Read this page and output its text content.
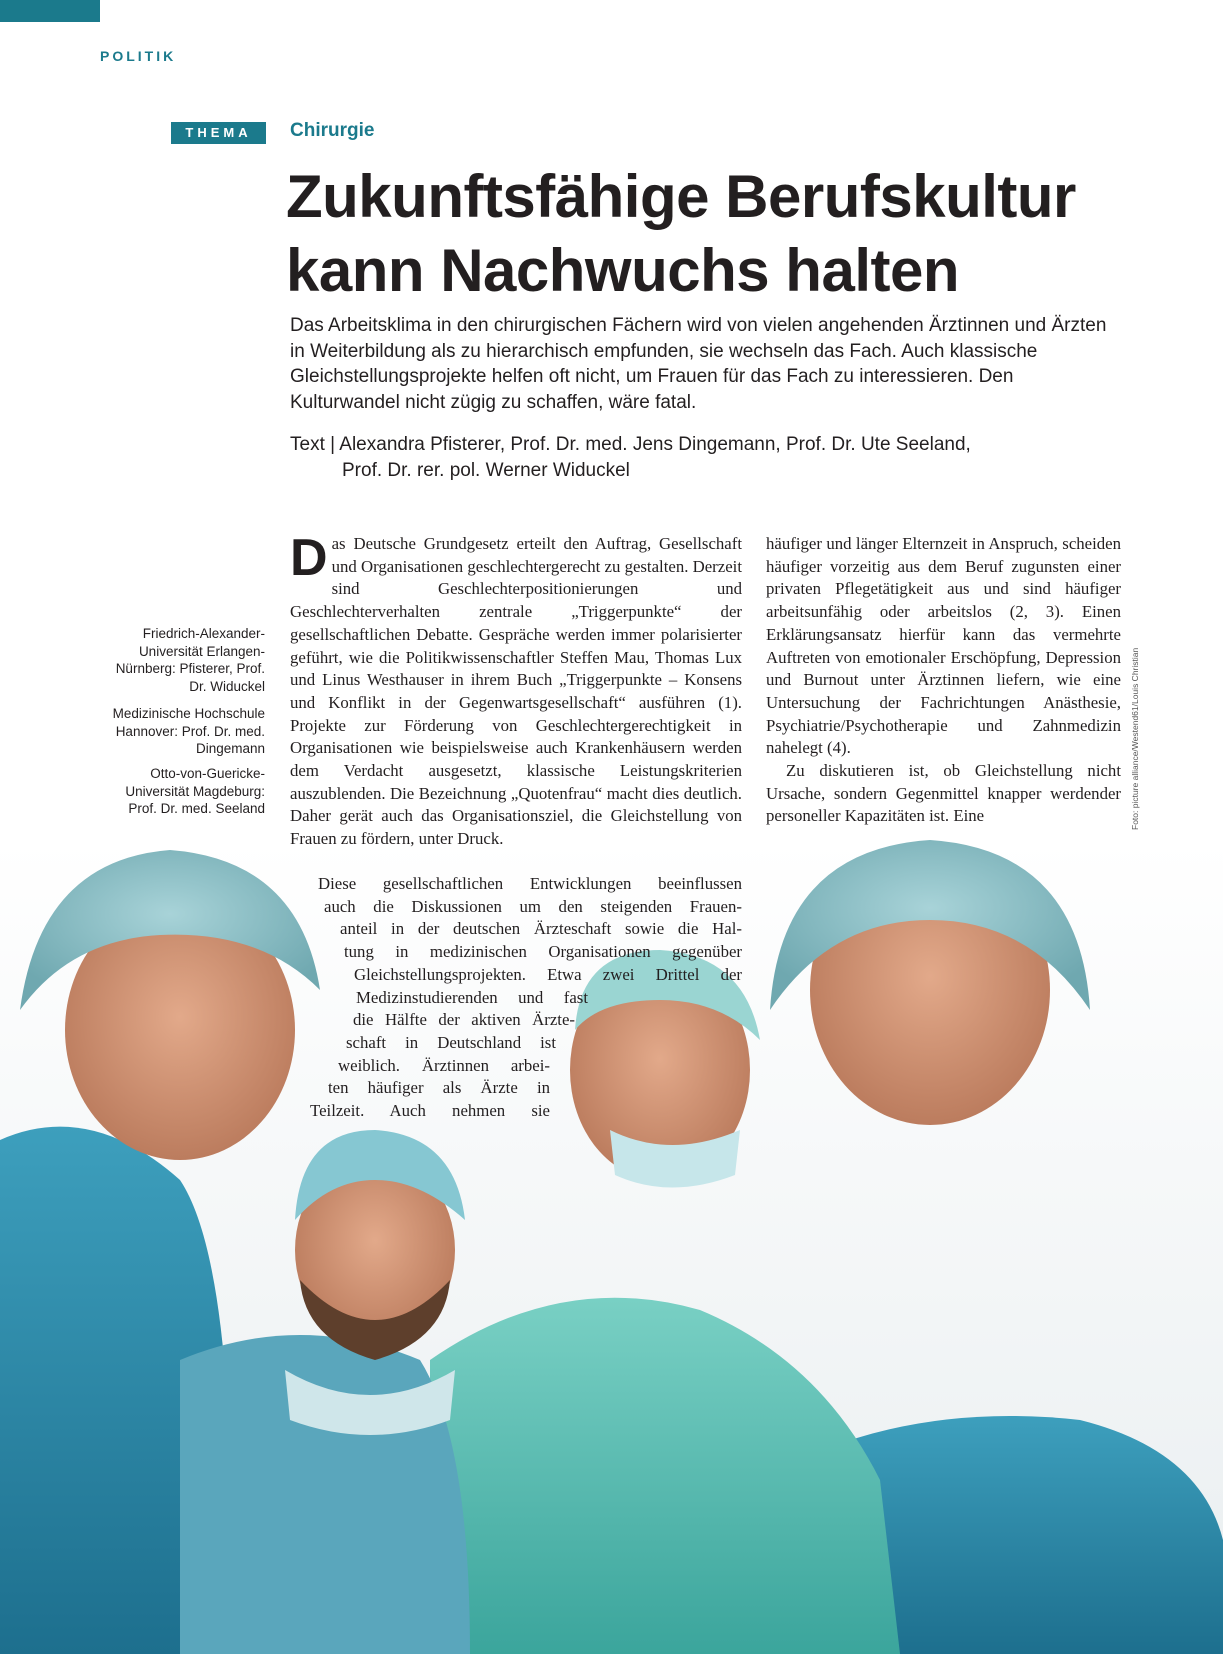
POLITIK
THEMA	Chirurgie
Zukunftsfähige Berufskultur
kann Nachwuchs halten

Das Arbeitsklima in den chirurgischen Fächern wird von vielen angehenden Ärztinnen und Ärzten in Weiterbildung als zu hierarchisch empfunden, sie wechseln das Fach. Auch klassische Gleichstellungsprojekte helfen oft nicht, um Frauen für das Fach zu interessieren. Den Kulturwandel nicht zügig zu schaffen, wäre fatal.

Text | Alexandra Pfisterer, Prof. Dr. med. Jens Dingemann, Prof. Dr. Ute Seeland,
Prof. Dr. rer. pol. Werner Widuckel
Friedrich-Alexander-Universität Erlangen-Nürnberg: Pfisterer, Prof. Dr. Widuckel
Medizinische Hochschule Hannover: Prof. Dr. med. Dingemann
Otto-von-Guericke-Universität Magdeburg: Prof. Dr. med. Seeland

Das Deutsche Grundgesetz erteilt den Auftrag, Gesellschaft und Organisationen geschlechtergerecht zu gestalten. Derzeit sind Geschlechterpositionierungen und Geschlechterverhalten zentrale „Triggerpunkte“ der gesellschaftlichen Debatte. Gespräche werden immer polarisierter geführt, wie die Politikwissenschaftler Steffen Mau, Thomas Lux und Linus Westhauser in ihrem Buch „Triggerpunkte – Konsens und Konflikt in der Gegenwartsgesellschaft“ ausführen (1). Projekte zur Förderung von Geschlechtergerechtigkeit in Organisationen wie beispielsweise auch Krankenhäusern werden dem Verdacht ausgesetzt, klassische Leistungskriterien auszublenden. Die Bezeichnung „Quotenfrau“ macht dies deutlich. Daher gerät auch das Organisationsziel, die Gleichstellung von Frauen zu fördern, unter Druck.

Diese gesellschaftlichen Entwicklungen beeinflussen
auch die Diskussionen um den steigenden Frauen-
anteil in der deutschen Ärzteschaft sowie die Hal-
tung in medizinischen Organisationen gegenüber
Gleichstellungsprojekten. Etwa zwei Drittel der
Medizinstudierenden und fast
die Hälfte der aktiven Ärzte-
schaft in Deutschland ist
weiblich. Ärztinnen arbei-
ten häufiger als Ärzte in
Teilzeit. Auch nehmen sie

häufiger und länger Elternzeit in Anspruch, scheiden häufiger vorzeitig aus dem Beruf zugunsten einer privaten Pflegetätigkeit aus und sind häufiger arbeitsunfähig oder arbeitslos (2, 3). Einen Erklärungsansatz hierfür kann das vermehrte Auftreten von emotionaler Erschöpfung, Depression und Burnout unter Ärztinnen liefern, wie eine Untersuchung der Fachrichtungen Anästhesie, Psychiatrie/Psychotherapie und Zahnmedizin nahelegt (4).

Zu diskutieren ist, ob Gleichstellung nicht Ursache, sondern Gegenmittel knapper werdender personeller Kapazitäten ist. Eine	Foto: picture alliance/Westend61/Louis Christian
